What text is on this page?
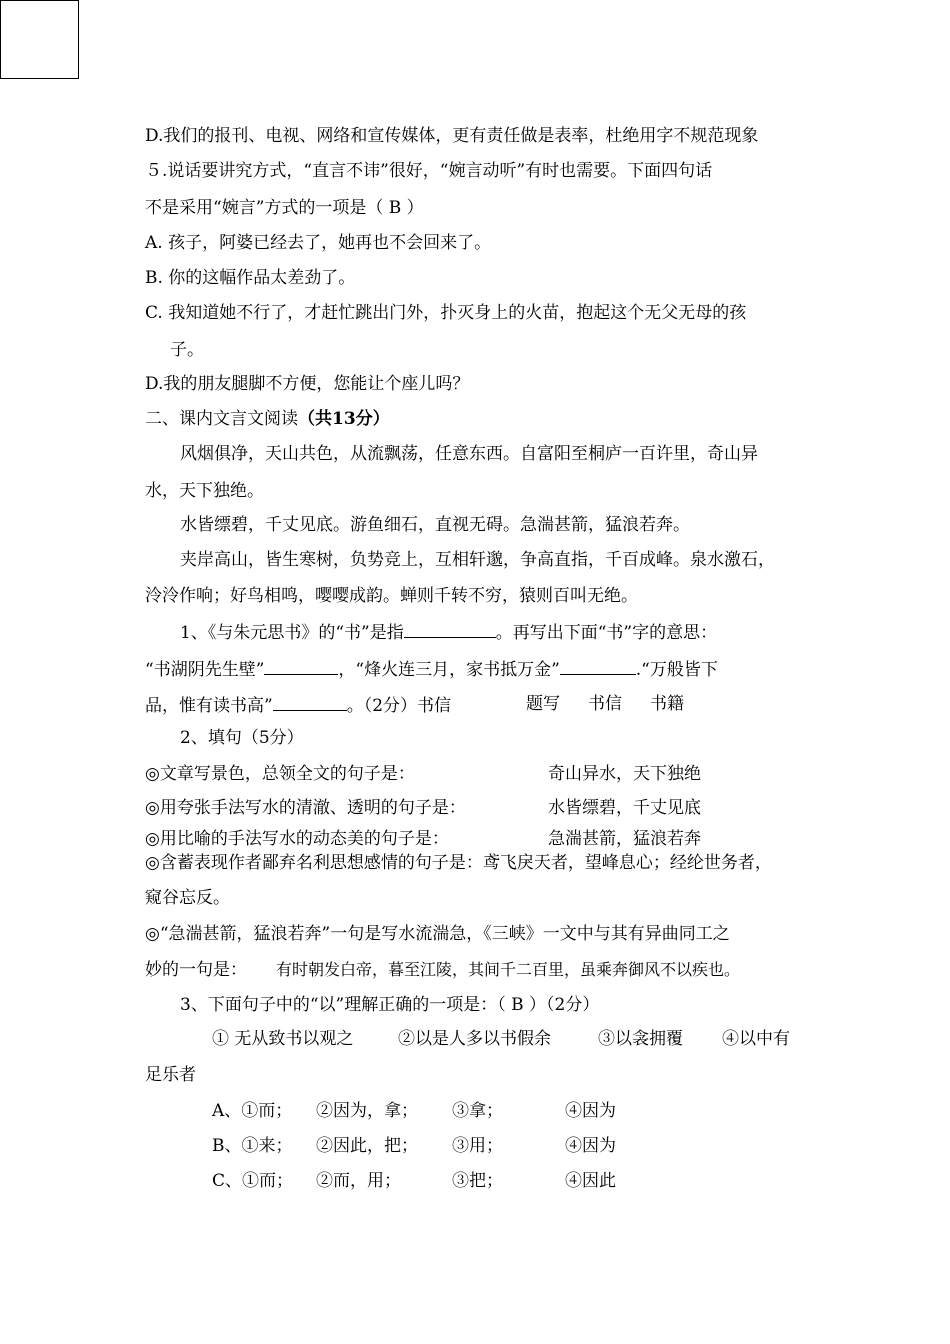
D.我们的报刊、电视、网络和宣传媒体，更有责任做是表率，杜绝用字不规范现象
５.说话要讲究方式，“直言不讳”很好，“婉言动听”有时也需要。下面四句话
不是采用“婉言”方式的一项是（ B ）
A. 孩子，阿婆已经去了，她再也不会回来了。
B. 你的这幅作品太差劲了。
C. 我知道她不行了，才赶忙跳出门外，扑灭身上的火苗，抱起这个无父无母的孩
子。
D.我的朋友腿脚不方便，您能让个座儿吗？
二、课内文言文阅读（共13分）
风烟俱净，天山共色，从流飘荡，任意东西。自富阳至桐庐一百许里，奇山异
水，天下独绝。
水皆缥碧，千丈见底。游鱼细石，直视无碍。急湍甚箭，猛浪若奔。
夹岸高山，皆生寒树，负势竞上，互相轩邈，争高直指，千百成峰。泉水激石，
泠泠作响；好鸟相鸣，嘤嘤成韵。蝉则千转不穷，猿则百叫无绝。
1、《与朱元思书》的“书”是指	。再写出下面“书”字的意思：
“书湖阴先生壁”	，“烽火连三月，家书抵万金”	.“万般皆下
品，惟有读书高”	。（2分）书信	题写 书信 书籍
2、填句（5分）
◎文章写景色，总领全文的句子是：	奇山异水，天下独绝
◎用夸张手法写水的清澈、透明的句子是：	水皆缥碧，千丈见底
◎用比喻的手法写水的动态美的句子是：	急湍甚箭，猛浪若奔
◎含蓄表现作者鄙弃名利思想感情的句子是：鸢飞戾天者，望峰息心；经纶世务者，
窥谷忘反。
◎“急湍甚箭，猛浪若奔”一句是写水流湍急，《三峡》一文中与其有异曲同工之
妙的一句是： 有时朝发白帝，暮至江陵，其间千二百里，虽乘奔御风不以疾也。
3、下面句子中的“以”理解正确的一项是：（ B ）（2分）
① 无从致书以观之	②以是人多以书假余	③以衾拥覆 ④以中有
足乐者
A、①而； ②因为，拿； ③拿；	④因为
B、①来； ②因此，把； ③用；	④因为
C、①而； ②而，用；	③把；	④因此
